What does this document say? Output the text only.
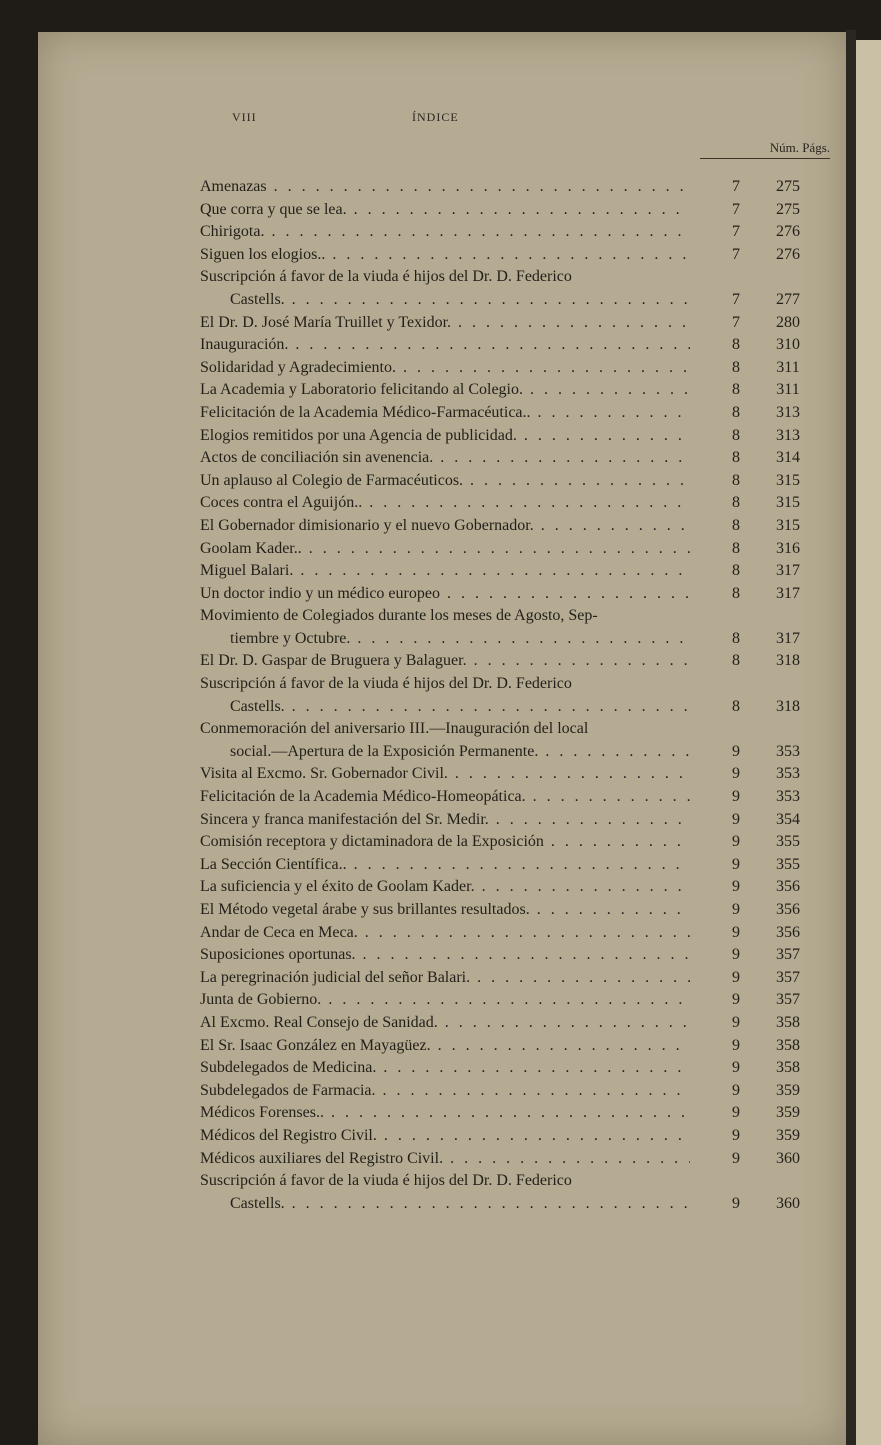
VIII	ÍNDICE
Núm. Págs.
Amenazas . . .	7	275
Que corra y que se lea. . . .	7	275
Chirigota. . . .	7	276
Siguen los elogios.. . . .	7	276
Suscripción á favor de la viuda é hijos del Dr. D. Federico
Castells. . . .	7	277
El Dr. D. José María Truillet y Texidor. . . .	7	280
Inauguración. . . .	8	310
Solidaridad y Agradecimiento. . . .	8	311
La Academia y Laboratorio felicitando al Colegio. . . .	8	311
Felicitación de la Academia Médico-Farmacéutica.. . . .	8	313
Elogios remitidos por una Agencia de publicidad. . . .	8	313
Actos de conciliación sin avenencia. . . .	8	314
Un aplauso al Colegio de Farmacéuticos. . . .	8	315
Coces contra el Aguijón.. . . .	8	315
El Gobernador dimisionario y el nuevo Gobernador. . . .	8	315
Goolam Kader.. . . .	8	316
Miguel Balari. . . .	8	317
Un doctor indio y un médico europeo . . .	8	317
Movimiento de Colegiados durante los meses de Agosto, Sep-
tiembre y Octubre. . . .	8	317
El Dr. D. Gaspar de Bruguera y Balaguer. . . .	8	318
Suscripción á favor de la viuda é hijos del Dr. D. Federico
Castells. . . .	8	318
Conmemoración del aniversario III.—Inauguración del local
social.—Apertura de la Exposición Permanente. . . .	9	353
Visita al Excmo. Sr. Gobernador Civil. . . .	9	353
Felicitación de la Academia Médico-Homeopática. . . .	9	353
Sincera y franca manifestación del Sr. Medir. . . .	9	354
Comisión receptora y dictaminadora de la Exposición . . .	9	355
La Sección Científica.. . . .	9	355
La suficiencia y el éxito de Goolam Kader. . . .	9	356
El Método vegetal árabe y sus brillantes resultados. . . .	9	356
Andar de Ceca en Meca. . . .	9	356
Suposiciones oportunas. . . .	9	357
La peregrinación judicial del señor Balari. . . .	9	357
Junta de Gobierno. . . .	9	357
Al Excmo. Real Consejo de Sanidad. . . .	9	358
El Sr. Isaac González en Mayagüez. . . .	9	358
Subdelegados de Medicina. . . .	9	358
Subdelegados de Farmacia. . . .	9	359
Médicos Forenses.. . . .	9	359
Médicos del Registro Civil. . . .	9	359
Médicos auxiliares del Registro Civil. . . .	9	360
Suscripción á favor de la viuda é hijos del Dr. D. Federico
Castells. . . .	9	360
